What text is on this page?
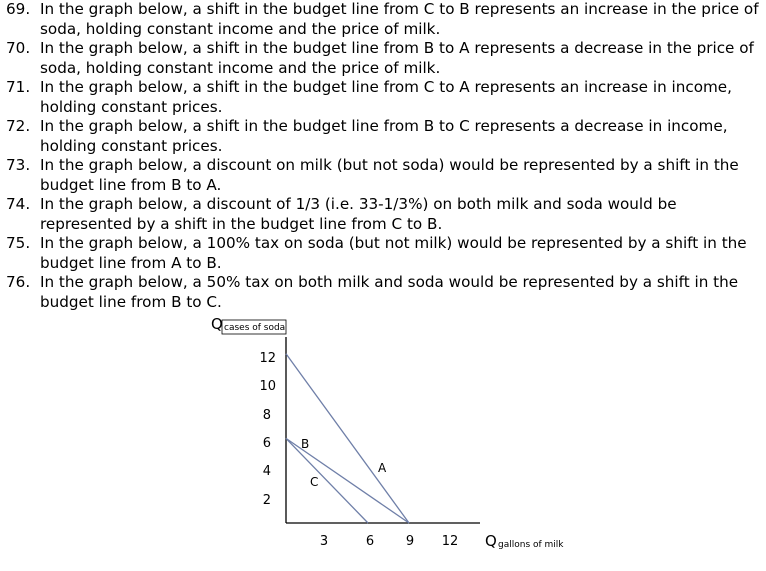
69. In the graph below, a shift in the budget line from C to B represents an increase in the price of soda, holding constant income and the price of milk.
70. In the graph below, a shift in the budget line from B to A represents a decrease in the price of soda, holding constant income and the price of milk.
71. In the graph below, a shift in the budget line from C to A represents an increase in income, holding constant prices.
72. In the graph below, a shift in the budget line from B to C represents a decrease in income, holding constant prices.
73. In the graph below, a discount on milk (but not soda) would be represented by a shift in the budget line from B to A.
74. In the graph below, a discount of 1/3 (i.e. 33-1/3%) on both milk and soda would be represented by a shift in the budget line from C to B.
75. In the graph below, a 100% tax on soda (but not milk) would be represented by a shift in the budget line from A to B.
76. In the graph below, a 50% tax on both milk and soda would be represented by a shift in the budget line from B to C.
Q cases of soda
12
10
8
6
4
2
3	6 9 12 Q gallons of milk
A
B
C
